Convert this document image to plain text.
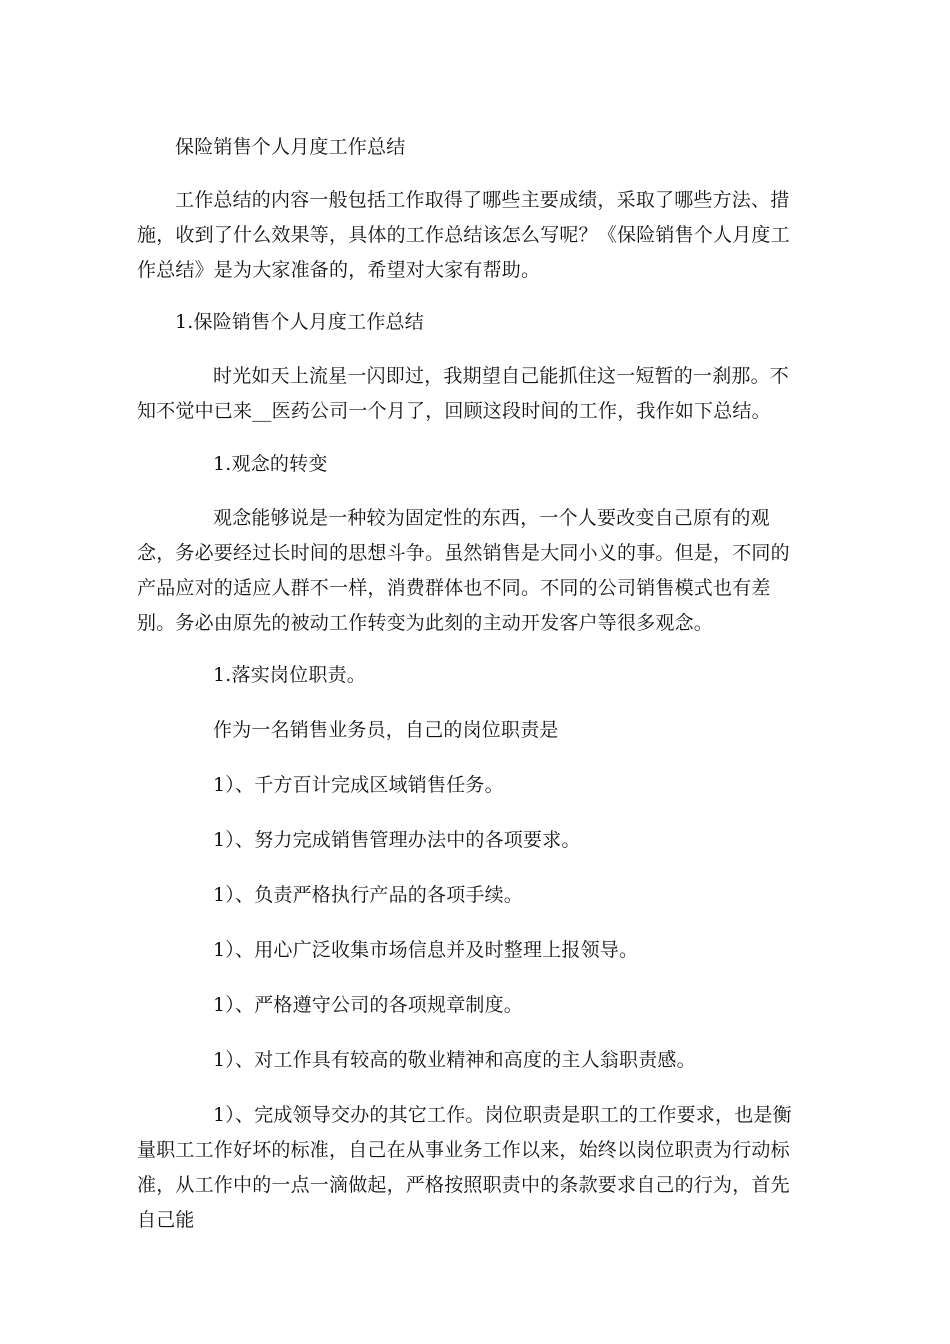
保险销售个人月度工作总结

工作总结的内容一般包括工作取得了哪些主要成绩，采取了哪些方法、措施，收到了什么效果等，具体的工作总结该怎么写呢？《保险销售个人月度工作总结》是为大家准备的，希望对大家有帮助。

1.保险销售个人月度工作总结

时光如天上流星一闪即过，我期望自己能抓住这一短暂的一刹那。不知不觉中已来__医药公司一个月了，回顾这段时间的工作，我作如下总结。

1.观念的转变

观念能够说是一种较为固定性的东西，一个人要改变自己原有的观念，务必要经过长时间的思想斗争。虽然销售是大同小义的事。但是，不同的产品应对的适应人群不一样，消费群体也不同。不同的公司销售模式也有差别。务必由原先的被动工作转变为此刻的主动开发客户等很多观念。

1.落实岗位职责。

作为一名销售业务员，自己的岗位职责是

1）、千方百计完成区域销售任务。

1）、努力完成销售管理办法中的各项要求。

1）、负责严格执行产品的各项手续。

1）、用心广泛收集市场信息并及时整理上报领导。

1）、严格遵守公司的各项规章制度。

1）、对工作具有较高的敬业精神和高度的主人翁职责感。

1）、完成领导交办的其它工作。岗位职责是职工的工作要求，也是衡量职工工作好坏的标准，自己在从事业务工作以来，始终以岗位职责为行动标准，从工作中的一点一滴做起，严格按照职责中的条款要求自己的行为，首先自己能
